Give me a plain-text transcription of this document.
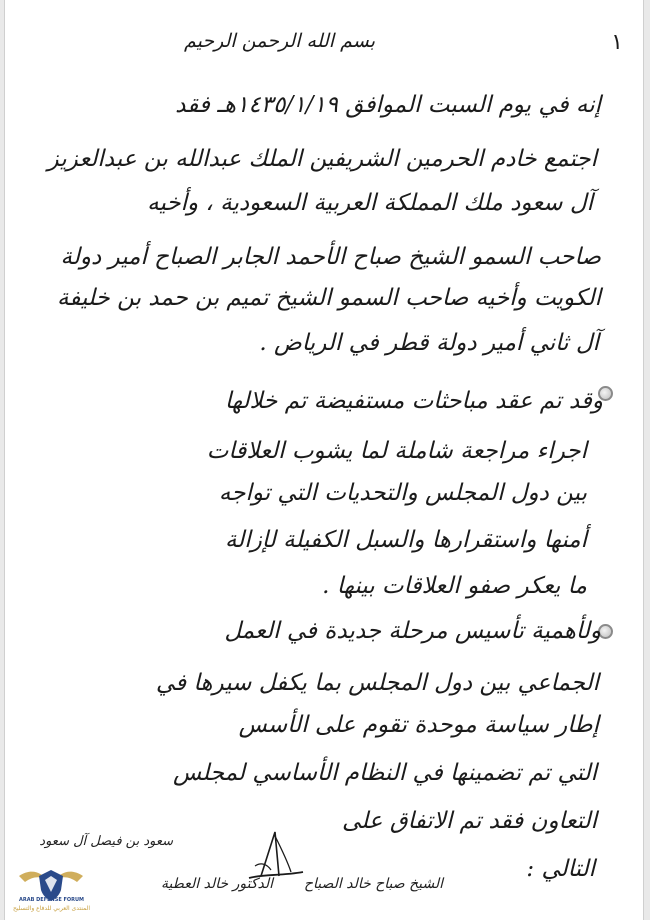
١
بسم الله الرحمن الرحيم
إنه في يوم السبت الموافق ١٤٣٥/١/١٩هـ فقد
اجتمع خادم الحرمين الشريفين الملك عبدالله بن عبدالعزيز
آل سعود ملك المملكة العربية السعودية ، وأخيه
صاحب السمو الشيخ صباح الأحمد الجابر الصباح أمير دولة
الكويت وأخيه صاحب السمو الشيخ تميم بن حمد بن خليفة
آل ثاني أمير دولة قطر في الرياض .
وقد تم عقد مباحثات مستفيضة تم خلالها
اجراء مراجعة شاملة لما يشوب العلاقات
بين دول المجلس والتحديات التي تواجه
أمنها واستقرارها والسبل الكفيلة لإزالة
ما يعكر صفو العلاقات بينها .
ولأهمية تأسيس مرحلة جديدة في العمل
الجماعي بين دول المجلس بما يكفل سيرها في
إطار سياسة موحدة تقوم على الأسس
التي تم تضمينها في النظام الأساسي لمجلس
التعاون فقد تم الاتفاق على
التالي :
سعود بن فيصل آل سعود
الشيخ صباح خالد الصباح
الدكتور خالد العطية
ARAB DEFENSE FORUM
المنتدى العربي للدفاع والتسليح
